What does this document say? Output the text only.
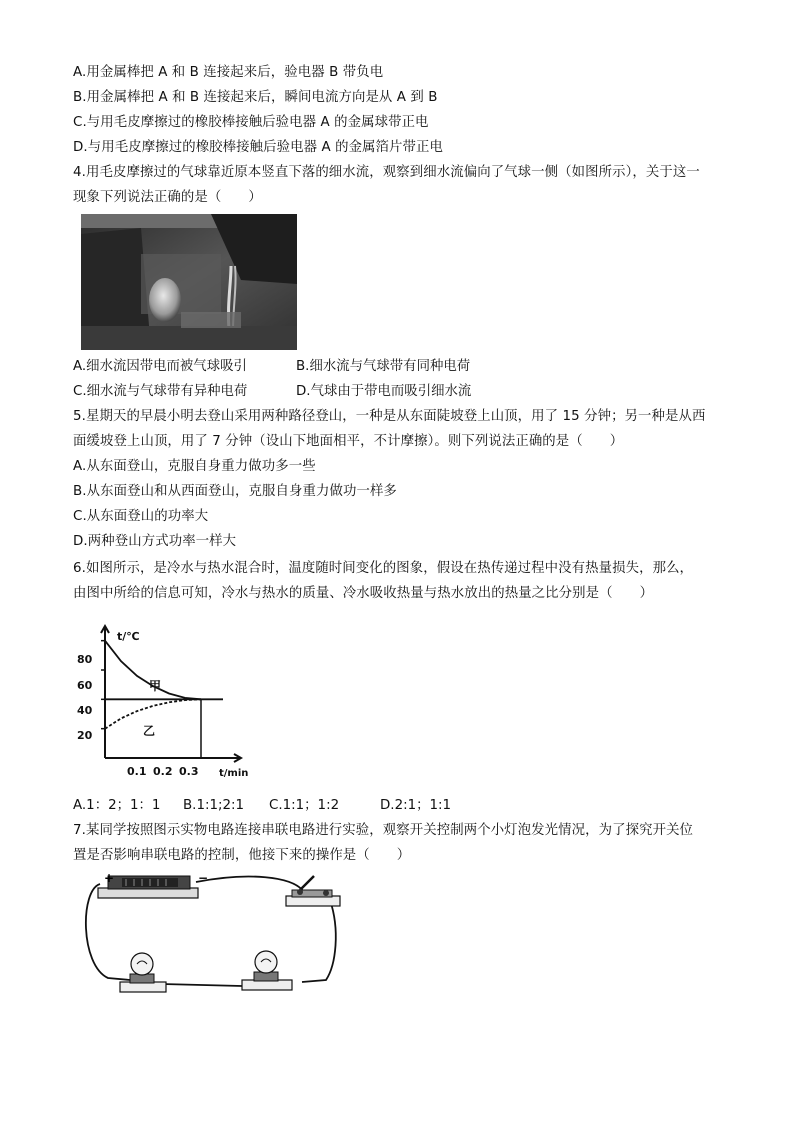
A.用金属棒把 A 和 B 连接起来后，验电器 B 带负电
B.用金属棒把 A 和 B 连接起来后，瞬间电流方向是从 A 到 B
C.与用毛皮摩擦过的橡胶棒接触后验电器 A 的金属球带正电
D.与用毛皮摩擦过的橡胶棒接触后验电器 A 的金属箔片带正电
4.用毛皮摩擦过的气球靠近原本竖直下落的细水流，观察到细水流偏向了气球一侧（如图所示），关于这一
现象下列说法正确的是（　　）
A.细水流因带电而被气球吸引	B.细水流与气球带有同种电荷
C.细水流与气球带有异种电荷	D.气球由于带电而吸引细水流
5.星期天的早晨小明去登山采用两种路径登山，一种是从东面陡坡登上山顶，用了 15 分钟；另一种是从西
面缓坡登上山顶，用了 7 分钟（设山下地面相平，不计摩擦）。则下列说法正确的是（　　）
A.从东面登山，克服自身重力做功多一些
B.从东面登山和从西面登山，克服自身重力做功一样多
C.从东面登山的功率大
D.两种登山方式功率一样大
6.如图所示，是冷水与热水混合时，温度随时间变化的图象，假设在热传递过程中没有热量损失，那么，
由图中所给的信息可知，冷水与热水的质量、冷水吸收热量与热水放出的热量之比分别是（　　）
t/℃
t/min
80
60
40
20
0.1 0.2 0.3
甲
乙
A.1：2；1：1 B.1:1;2:1 C.1:1；1:2	D.2:1；1:1
7.某同学按照图示实物电路连接串联电路进行实验，观察开关控制两个小灯泡发光情况，为了探究开关位
置是否影响串联电路的控制，他接下来的操作是（　　）
+	−
